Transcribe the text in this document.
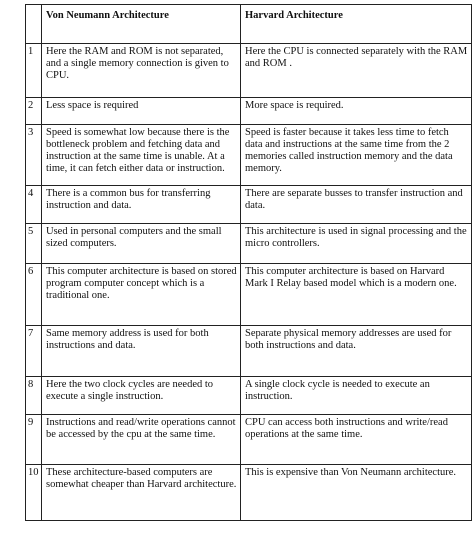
	Von Neumann Architecture	Harvard Architecture
1	Here the RAM and ROM is not separated, and a single memory connection is given to CPU.	Here the CPU is connected separately with the RAM and ROM .
2	Less space is required	More space is required.
3	Speed is somewhat low because there is the bottleneck problem and fetching data and instruction at the same time is unable. At a time, it can fetch either data or instruction.	Speed is faster because it takes less time to fetch data and instructions at the same time from the 2 memories called instruction memory and the data memory.
4	There is a common bus for transferring instruction and data.	There are separate busses to transfer instruction and data.
5	Used in personal computers and the small sized computers.	This architecture is used in signal processing and the micro controllers.
6	This computer architecture is based on stored program computer concept which is a traditional one.	This computer architecture is based on Harvard Mark I Relay based model which is a modern one.
7	Same memory address is used for both instructions and data.	Separate physical memory addresses are used for both instructions and data.
8	Here the two clock cycles are needed to execute a single instruction.	A single clock cycle is needed to execute an instruction.
9	Instructions and read/write operations cannot be accessed by the cpu at the same time.	CPU can access both instructions and write/read operations at the same time.
10	These architecture-based computers are somewhat cheaper than Harvard architecture.	This is expensive than Von Neumann architecture.
